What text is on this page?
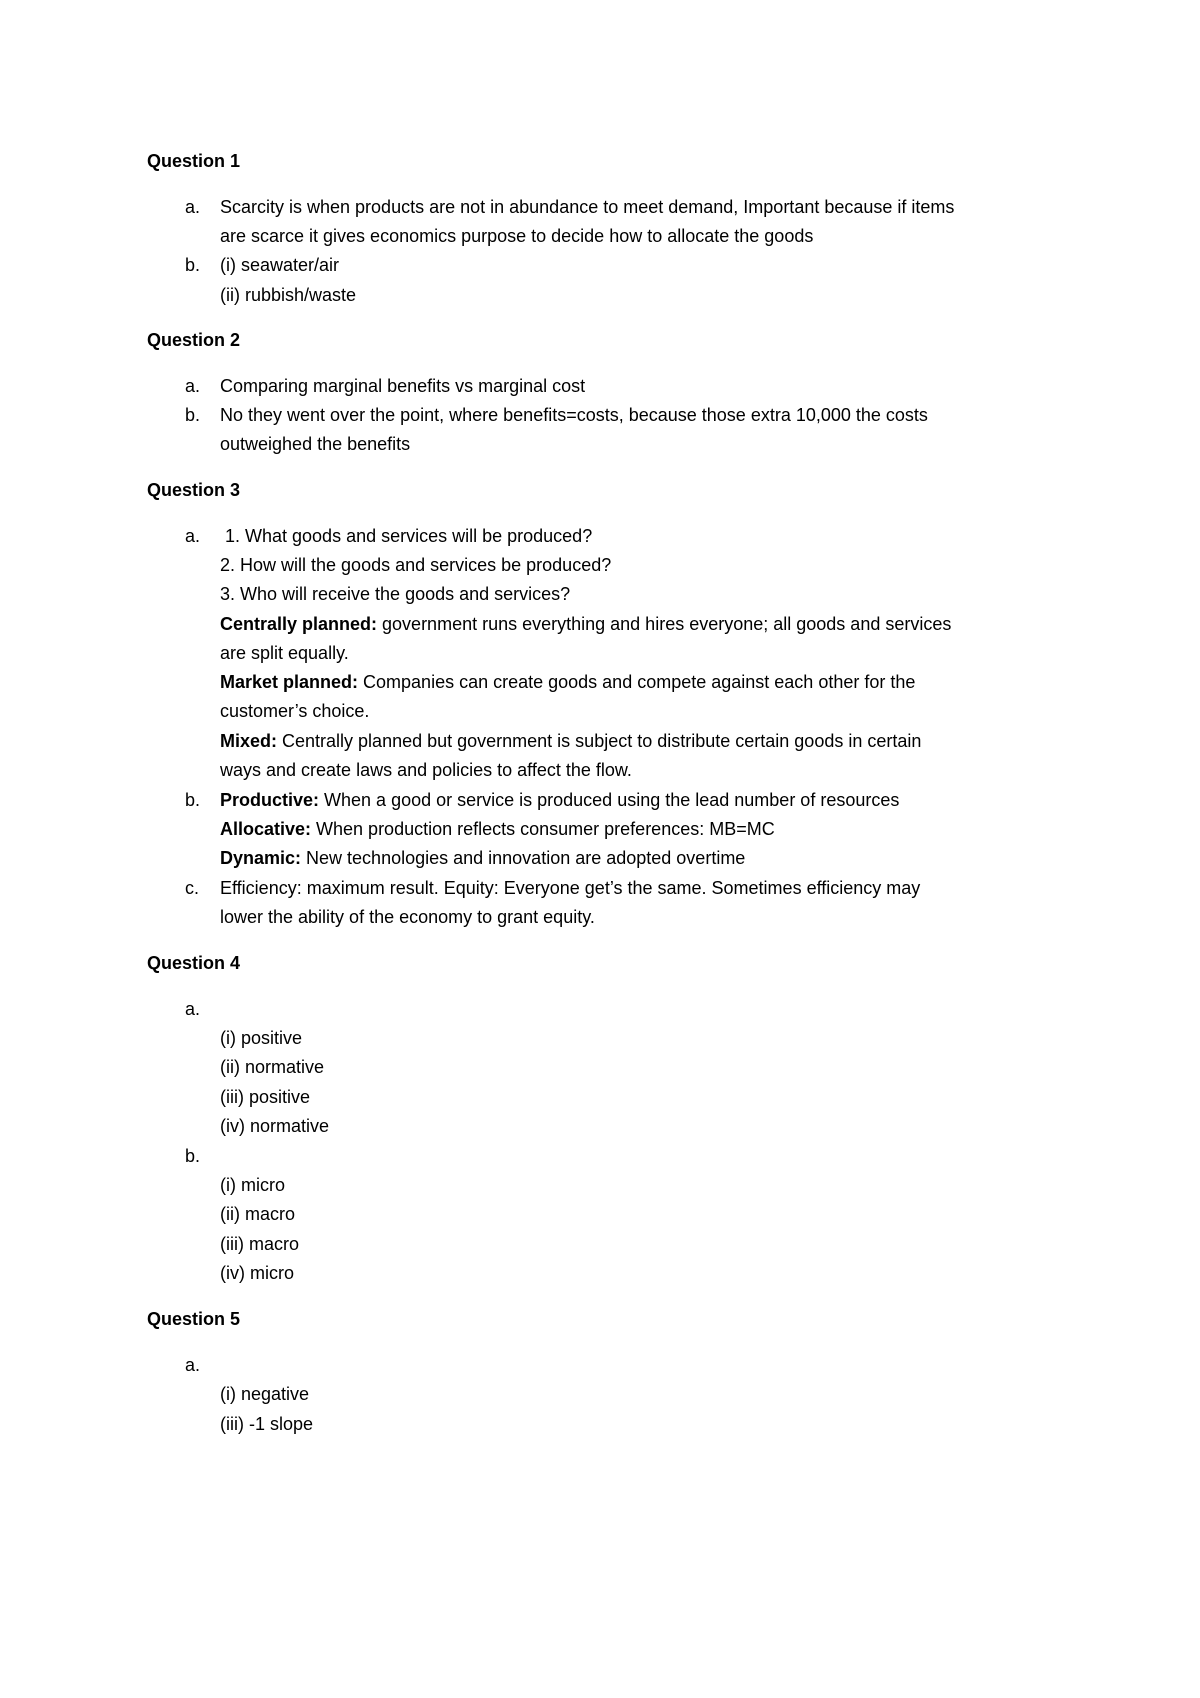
Question 1
a. Scarcity is when products are not in abundance to meet demand, Important because if items
are scarce it gives economics purpose to decide how to allocate the goods
b. (i) seawater/air
(ii) rubbish/waste
Question 2
a. Comparing marginal benefits vs marginal cost
b. No they went over the point, where benefits=costs, because those extra 10,000 the costs
outweighed the benefits
Question 3
a. 1. What goods and services will be produced?
2. How will the goods and services be produced?
3. Who will receive the goods and services?
Centrally planned: government runs everything and hires everyone; all goods and services
are split equally.
Market planned: Companies can create goods and compete against each other for the
customer’s choice.
Mixed: Centrally planned but government is subject to distribute certain goods in certain
ways and create laws and policies to affect the flow.
b. Productive: When a good or service is produced using the lead number of resources
Allocative: When production reflects consumer preferences: MB=MC
Dynamic: New technologies and innovation are adopted overtime
c. Efficiency: maximum result. Equity: Everyone get’s the same. Sometimes efficiency may
lower the ability of the economy to grant equity.
Question 4
a.
(i) positive
(ii) normative
(iii) positive
(iv) normative
b.
(i) micro
(ii) macro
(iii) macro
(iv) micro
Question 5
a.
(i) negative
(iii) -1 slope
